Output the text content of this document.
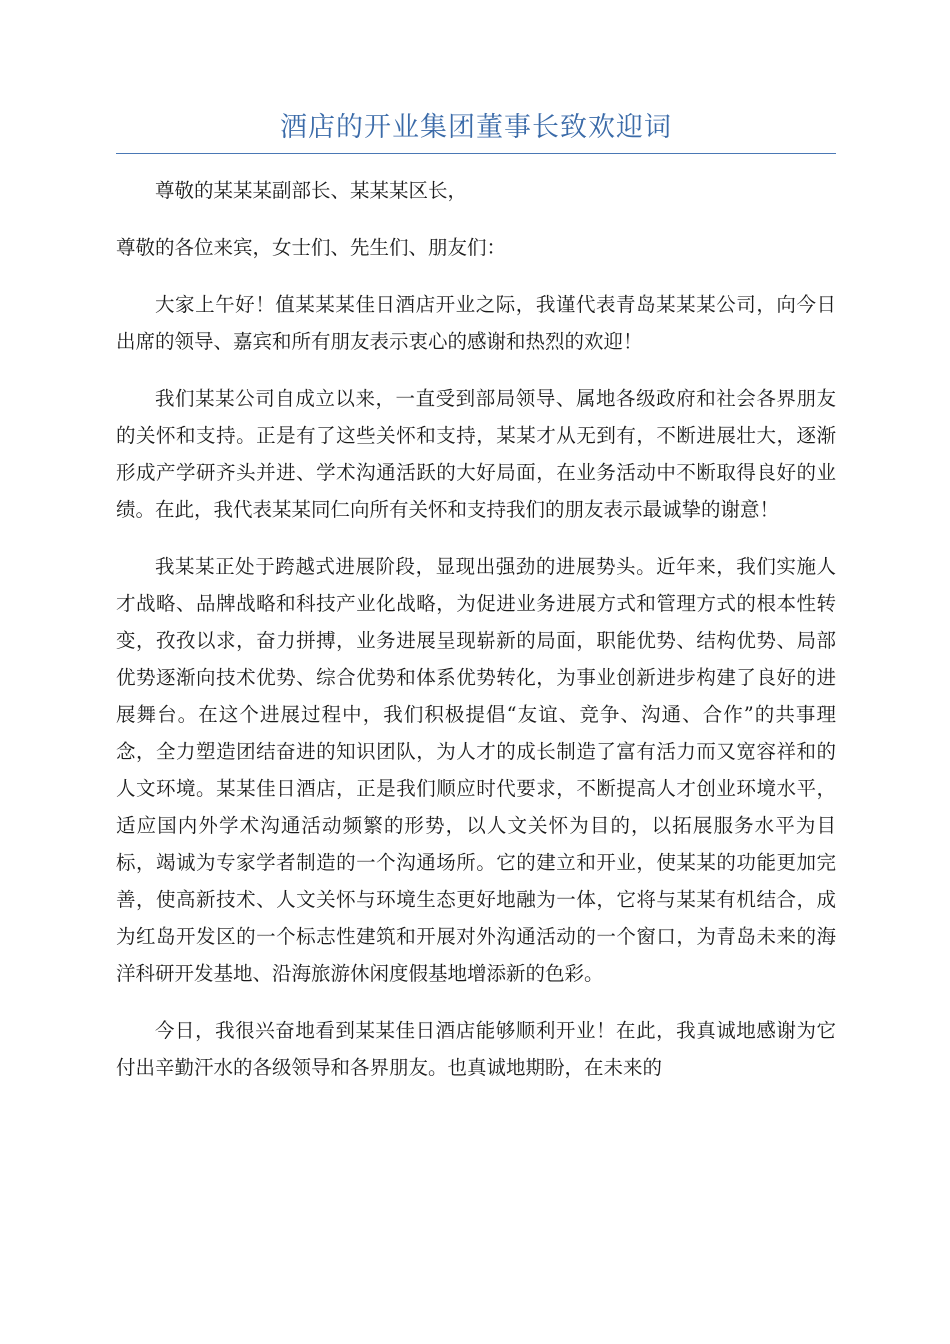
酒店的开业集团董事长致欢迎词

尊敬的某某某副部长、某某某区长，

尊敬的各位来宾，女士们、先生们、朋友们：

大家上午好！值某某某佳日酒店开业之际，我谨代表青岛某某某公司，向今日出席的领导、嘉宾和所有朋友表示衷心的感谢和热烈的欢迎！

我们某某公司自成立以来，一直受到部局领导、属地各级政府和社会各界朋友的关怀和支持。正是有了这些关怀和支持，某某才从无到有，不断进展壮大，逐渐形成产学研齐头并进、学术沟通活跃的大好局面，在业务活动中不断取得良好的业绩。在此，我代表某某同仁向所有关怀和支持我们的朋友表示最诚挚的谢意！

我某某正处于跨越式进展阶段，显现出强劲的进展势头。近年来，我们实施人才战略、品牌战略和科技产业化战略，为促进业务进展方式和管理方式的根本性转变，孜孜以求，奋力拼搏，业务进展呈现崭新的局面，职能优势、结构优势、局部优势逐渐向技术优势、综合优势和体系优势转化，为事业创新进步构建了良好的进展舞台。在这个进展过程中，我们积极提倡“友谊、竞争、沟通、合作”的共事理念，全力塑造团结奋进的知识团队，为人才的成长制造了富有活力而又宽容祥和的人文环境。某某佳日酒店，正是我们顺应时代要求，不断提高人才创业环境水平，适应国内外学术沟通活动频繁的形势，以人文关怀为目的，以拓展服务水平为目标，竭诚为专家学者制造的一个沟通场所。它的建立和开业，使某某的功能更加完善，使高新技术、人文关怀与环境生态更好地融为一体，它将与某某有机结合，成为红岛开发区的一个标志性建筑和开展对外沟通活动的一个窗口，为青岛未来的海洋科研开发基地、沿海旅游休闲度假基地增添新的色彩。

今日，我很兴奋地看到某某佳日酒店能够顺利开业！在此，我真诚地感谢为它付出辛勤汗水的各级领导和各界朋友。也真诚地期盼，在未来的
